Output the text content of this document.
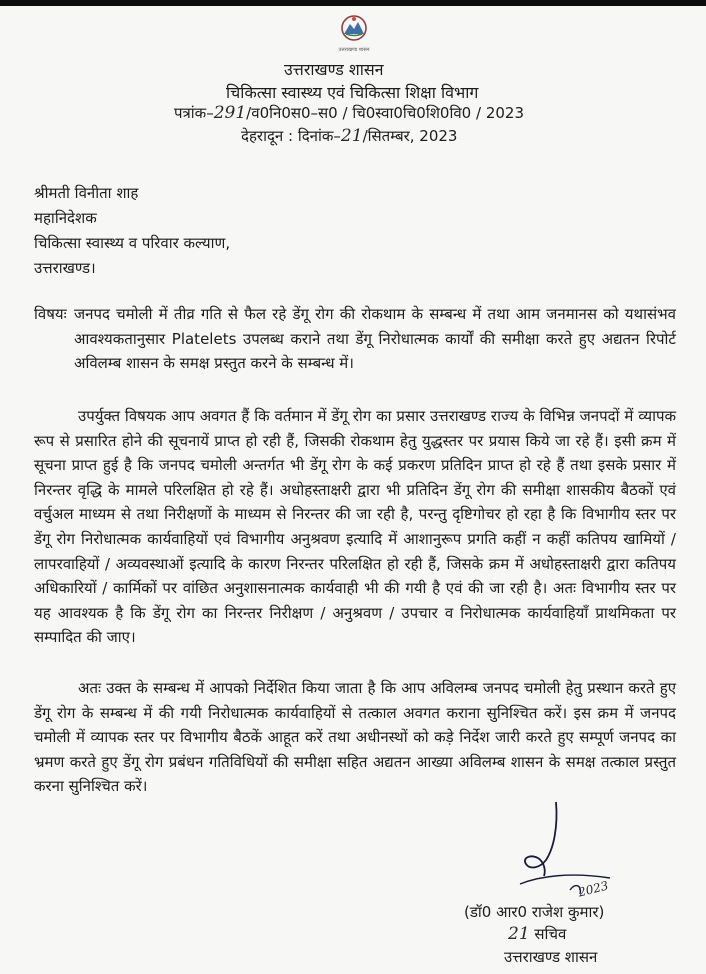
उत्तराखण्ड शासन
उत्तराखण्ड शासन
चिकित्सा स्वास्थ्य एवं चिकित्सा शिक्षा विभाग
पत्रांक–291/व0नि0स0–स0 / चि0स्वा0चि0शि0वि0 / 2023
देहरादून : दिनांक–21/सितम्बर, 2023
श्रीमती विनीता शाह
महानिदेशक
चिकित्सा स्वास्थ्य व परिवार कल्याण,
उत्तराखण्ड।
विषयः जनपद चमोली में तीव्र गति से फैल रहे डेंगू रोग की रोकथाम के सम्बन्ध में तथा आम जनमानस को यथासंभव आवश्यकतानुसार Platelets उपलब्ध कराने तथा डेंगू निरोधात्मक कार्यों की समीक्षा करते हुए अद्यतन रिपोर्ट अविलम्ब शासन के समक्ष प्रस्तुत करने के सम्बन्ध में।
उपर्युक्त विषयक आप अवगत हैं कि वर्तमान में डेंगू रोग का प्रसार उत्तराखण्ड राज्य के विभिन्न जनपदों में व्यापक रूप से प्रसारित होने की सूचनायें प्राप्त हो रही हैं, जिसकी रोकथाम हेतु युद्धस्तर पर प्रयास किये जा रहे हैं। इसी क्रम में सूचना प्राप्त हुई है कि जनपद चमोली अन्तर्गत भी डेंगू रोग के कई प्रकरण प्रतिदिन प्राप्त हो रहे हैं तथा इसके प्रसार में निरन्तर वृद्धि के मामले परिलक्षित हो रहे हैं। अधोहस्ताक्षरी द्वारा भी प्रतिदिन डेंगू रोग की समीक्षा शासकीय बैठकों एवं वर्चुअल माध्यम से तथा निरीक्षणों के माध्यम से निरन्तर की जा रही है, परन्तु दृष्टिगोचर हो रहा है कि विभागीय स्तर पर डेंगू रोग निरोधात्मक कार्यवाहियों एवं विभागीय अनुश्रवण इत्यादि में आशानुरूप प्रगति कहीं न कहीं कतिपय खामियों / लापरवाहियों / अव्यवस्थाओं इत्यादि के कारण निरन्तर परिलक्षित हो रही हैं, जिसके क्रम में अधोहस्ताक्षरी द्वारा कतिपय अधिकारियों / कार्मिकों पर वांछित अनुशासनात्मक कार्यवाही भी की गयी है एवं की जा रही है। अतः विभागीय स्तर पर यह आवश्यक है कि डेंगू रोग का निरन्तर निरीक्षण / अनुश्रवण / उपचार व निरोधात्मक कार्यवाहियाँ प्राथमिकता पर सम्पादित की जाए।
अतः उक्त के सम्बन्ध में आपको निर्देशित किया जाता है कि आप अविलम्ब जनपद चमोली हेतु प्रस्थान करते हुए डेंगू रोग के सम्बन्ध में की गयी निरोधात्मक कार्यवाहियों से तत्काल अवगत कराना सुनिश्चित करें। इस क्रम में जनपद चमोली में व्यापक स्तर पर विभागीय बैठकें आहूत करें तथा अधीनस्थों को कड़े निर्देश जारी करते हुए सम्पूर्ण जनपद का भ्रमण करते हुए डेंगू रोग प्रबंधन गतिविधियों की समीक्षा सहित अद्यतन आख्या अविलम्ब शासन के समक्ष तत्काल प्रस्तुत करना सुनिश्चित करें।
2023
(डॉ0 आर0 राजेश कुमार)
21 सचिव
उत्तराखण्ड शासन
